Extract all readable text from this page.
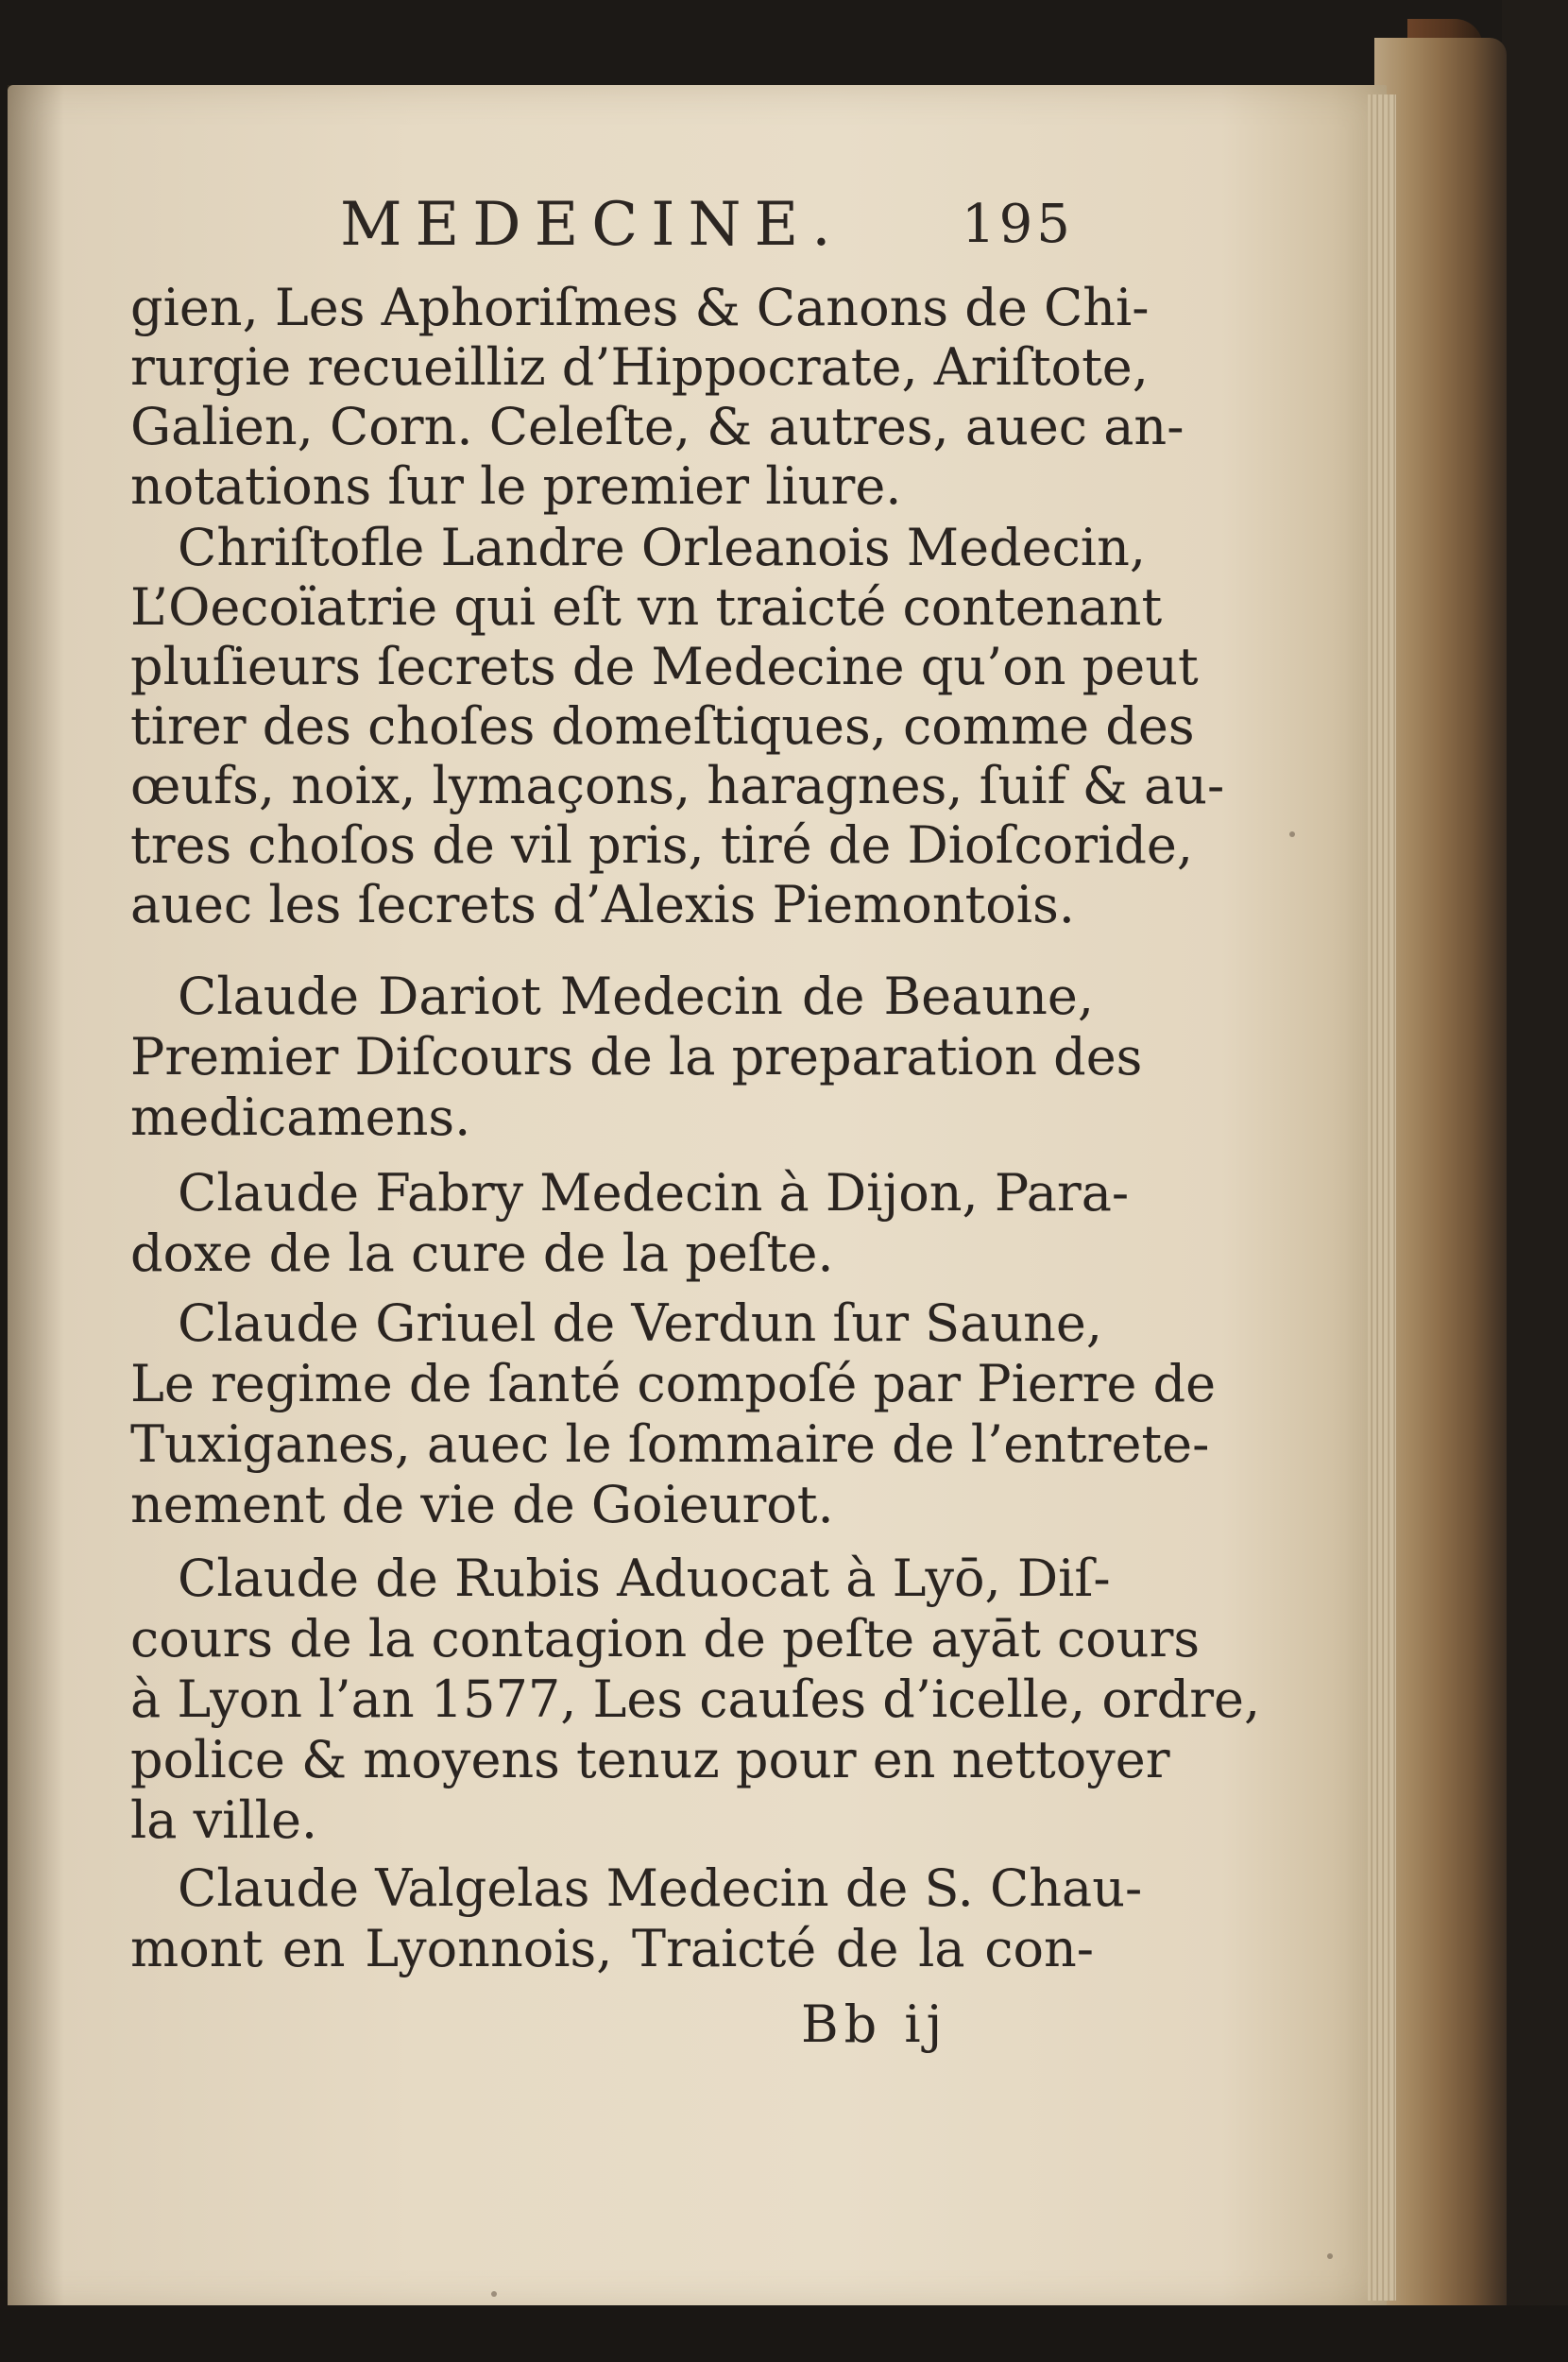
MEDECINE. 195
gien, Les Aphoriſmes & Canons de Chi-
rurgie recueilliz d’Hippocrate, Ariſtote,
Galien, Corn. Celeſte, & autres, auec an-
notations ſur le premier liure.
Chriſtofle Landre Orleanois Medecin,
L’Oecoïatrie qui eſt vn traicté contenant
pluſieurs ſecrets de Medecine qu’on peut
tirer des choſes domeſtiques, comme des
œufs, noix, lymaçons, haragnes, ſuif & au-
tres choſos de vil pris, tiré de Dioſcoride,
auec les ſecrets d’Alexis Piemontois.
Claude Dariot Medecin de Beaune,
Premier Diſcours de la preparation des
medicamens.
Claude Fabry Medecin à Dijon, Para-
doxe de la cure de la peſte.
Claude Griuel de Verdun ſur Saune,
Le regime de ſanté compoſé par Pierre de
Tuxiganes, auec le ſommaire de l’entrete-
nement de vie de Goieurot.
Claude de Rubis Aduocat à Lyō, Diſ-
cours de la contagion de peſte ayāt cours
à Lyon l’an 1577, Les cauſes d’icelle, ordre,
police & moyens tenuz pour en nettoyer
la ville.
Claude Valgelas Medecin de S. Chau-
mont en Lyonnois, Traicté de la con-
Bb ij
